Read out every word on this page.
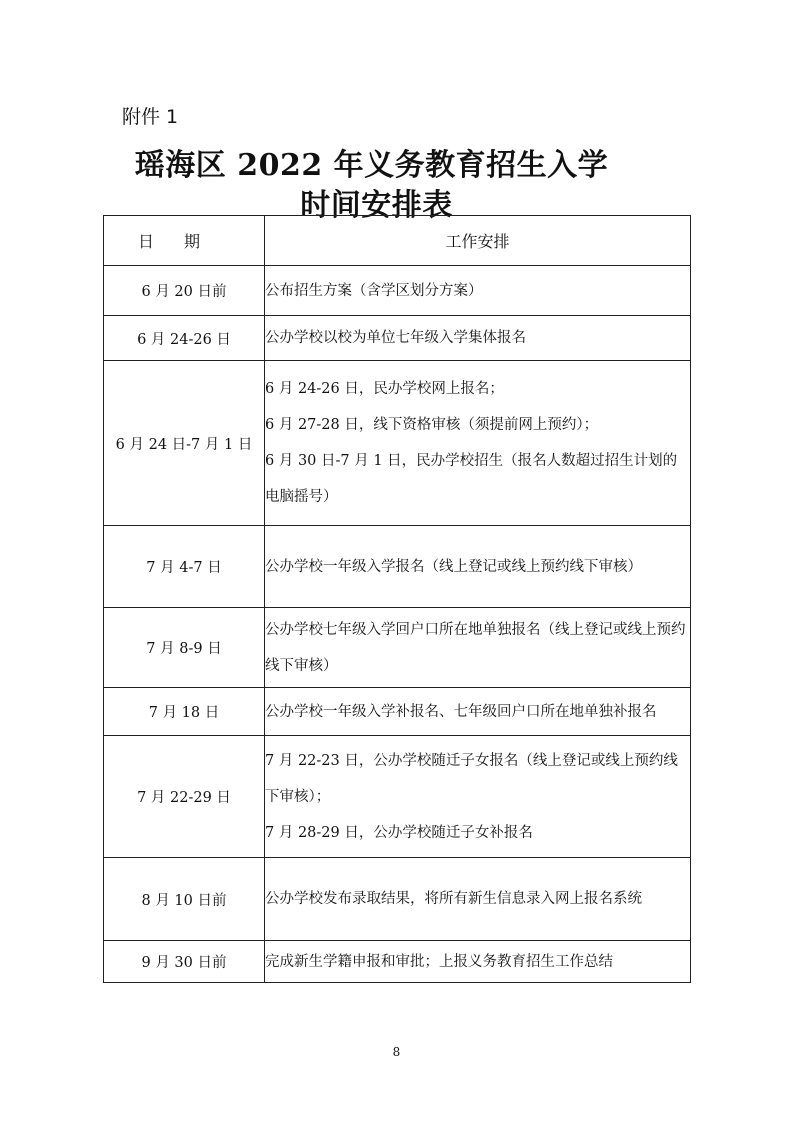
附件 1
瑶海区 2022 年义务教育招生入学
时间安排表
日期	工作安排
6 月 20 日前	公布招生方案（含学区划分方案）

6 月 24-26 日	公办学校以校为单位七年级入学集体报名

6 月 24 日-7 月 1 日	6 月 24-26 日，民办学校网上报名；
6 月 27-28 日，线下资格审核（须提前网上预约）；
6 月 30 日-7 月 1 日，民办学校招生（报名人数超过招生计划的电脑摇号）

7 月 4-7 日	公办学校一年级入学报名（线上登记或线上预约线下审核）

7 月 8-9 日	公办学校七年级入学回户口所在地单独报名（线上登记或线上预约线下审核）

7 月 18 日	公办学校一年级入学补报名、七年级回户口所在地单独补报名

7 月 22-29 日	7 月 22-23 日，公办学校随迁子女报名（线上登记或线上预约线下审核）；
7 月 28-29 日，公办学校随迁子女补报名

8 月 10 日前	公办学校发布录取结果，将所有新生信息录入网上报名系统

9 月 30 日前	完成新生学籍申报和审批；上报义务教育招生工作总结
8
